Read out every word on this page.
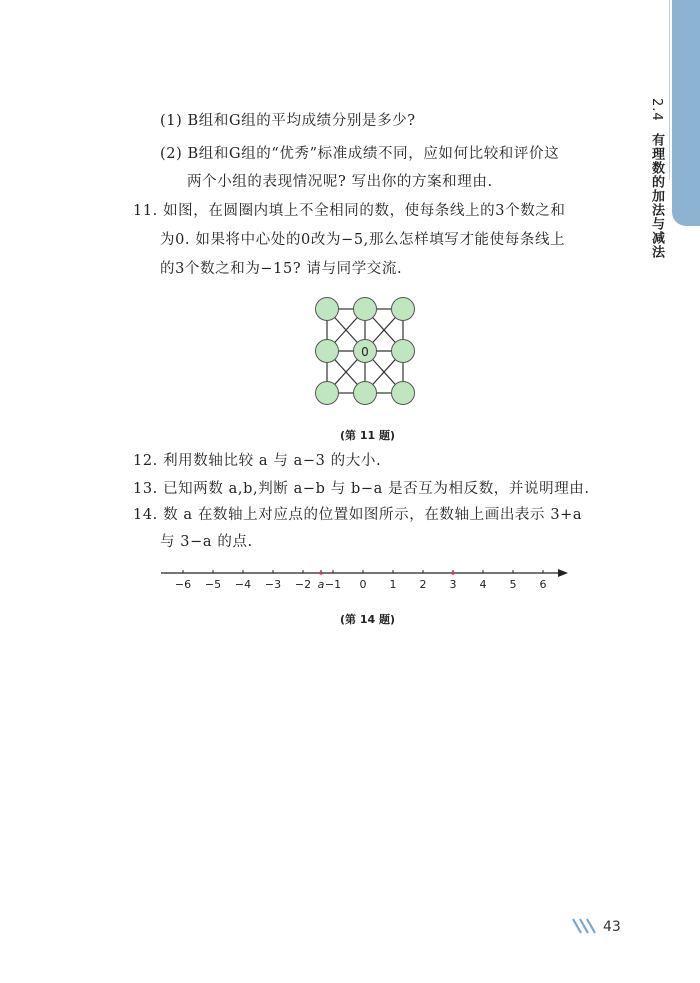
2.4 有理数的加法与减法
(1) B组和G组的平均成绩分别是多少?
(2) B组和G组的“优秀”标准成绩不同，应如何比较和评价这
两个小组的表现情况呢? 写出你的方案和理由.
11. 如图，在圆圈内填上不全相同的数，使每条线上的3个数之和
为0. 如果将中心处的0改为−5,那么怎样填写才能使每条线上
的3个数之和为−15? 请与同学交流.
0
(第 11 题)
12. 利用数轴比较 a 与 a−3 的大小.
13. 已知两数 a,b,判断 a−b 与 b−a 是否互为相反数，并说明理由.
14. 数 a 在数轴上对应点的位置如图所示，在数轴上画出表示 3+a
与 3−a 的点.
−6 −5 −4 −3 −2 a −1 0 1 2 3 4 5 6
(第 14 题)
43
